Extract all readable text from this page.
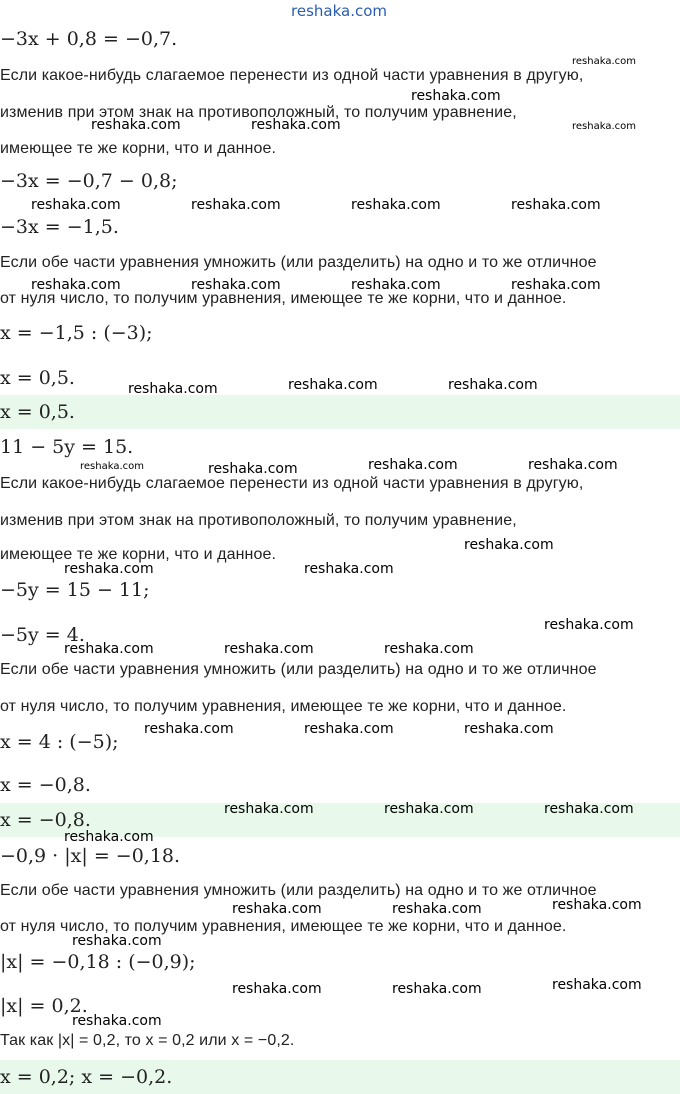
−3x + 0,8 = −0,7.
Если какое-нибудь слагаемое перенести из одной части уравнения в другую,
изменив при этом знак на противоположный, то получим уравнение,
имеющее те же корни, что и данное.
−3x = −0,7 − 0,8;
−3x = −1,5.
Если обе части уравнения умножить (или разделить) на одно и то же отличное
от нуля число, то получим уравнения, имеющее те же корни, что и данное.
x = −1,5 : (−3);
x = 0,5.
x = 0,5.
11 − 5y = 15.
Если какое-нибудь слагаемое перенести из одной части уравнения в другую,
изменив при этом знак на противоположный, то получим уравнение,
имеющее те же корни, что и данное.
−5y = 15 − 11;
−5y = 4.
Если обе части уравнения умножить (или разделить) на одно и то же отличное
от нуля число, то получим уравнения, имеющее те же корни, что и данное.
x = 4 : (−5);
x = −0,8.
x = −0,8.
−0,9 · |x| = −0,18.
Если обе части уравнения умножить (или разделить) на одно и то же отличное
от нуля число, то получим уравнения, имеющее те же корни, что и данное.
|x| = −0,18 : (−0,9);
|x| = 0,2.
Так как |x| = 0,2, то x = 0,2 или x = −0,2.
x = 0,2; x = −0,2.
reshaka.com
reshaka.com
reshaka.com
reshaka.com	reshaka.com	reshaka.com
reshaka.com	reshaka.com	reshaka.com	reshaka.com
reshaka.com	reshaka.com	reshaka.com	reshaka.com
reshaka.com	reshaka.com	reshaka.com
reshaka.com	reshaka.com	reshaka.com	reshaka.com
reshaka.com
reshaka.com	reshaka.com
reshaka.com
reshaka.com	reshaka.com	reshaka.com
reshaka.com	reshaka.com	reshaka.com
reshaka.com	reshaka.com	reshaka.com
reshaka.com
reshaka.com
reshaka.com	reshaka.com
reshaka.com
reshaka.com
reshaka.com	reshaka.com
reshaka.com
